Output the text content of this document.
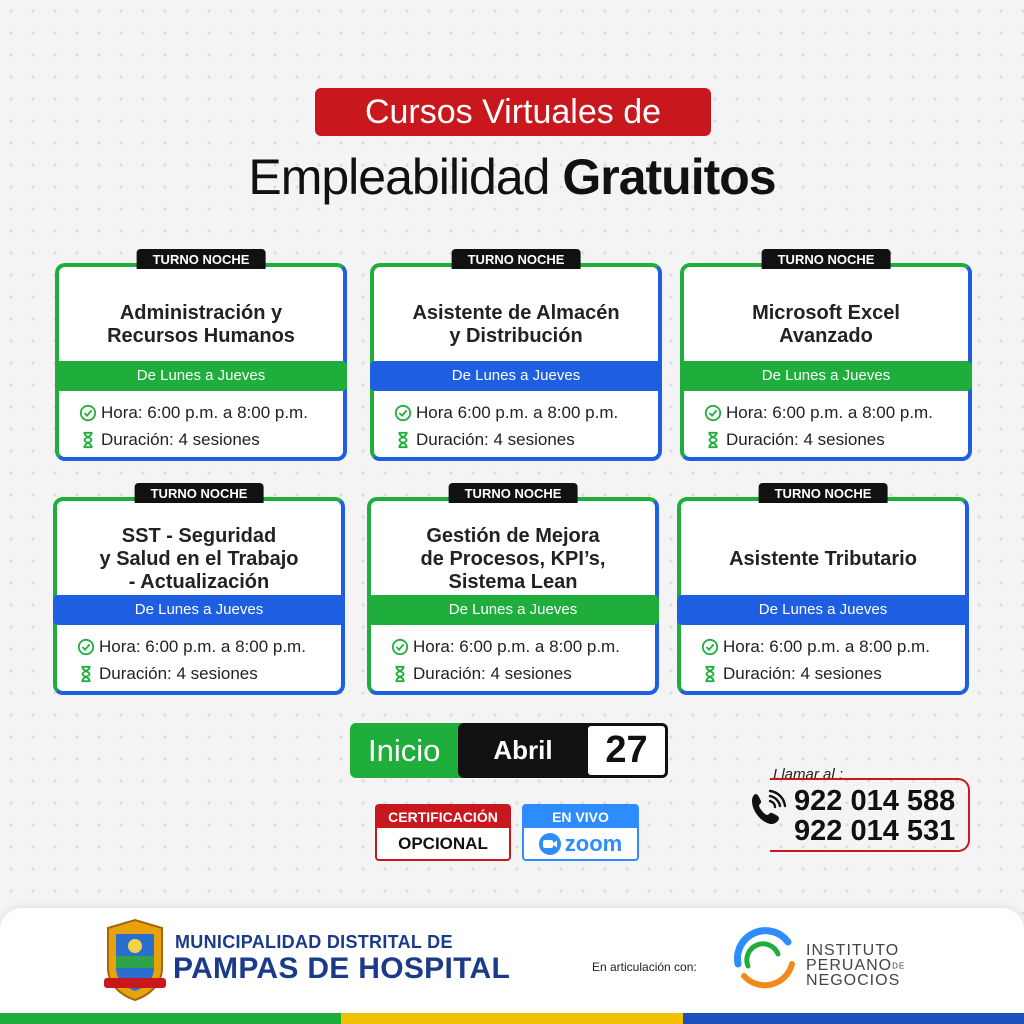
Cursos Virtuales de
Empleabilidad Gratuitos
TURNO NOCHE
Administración y
Recursos Humanos
De Lunes a Jueves
Hora: 6:00 p.m. a 8:00 p.m.
Duración: 4 sesiones
TURNO NOCHE
Asistente de Almacén
y Distribución
De Lunes a Jueves
Hora 6:00 p.m. a 8:00 p.m.
Duración: 4 sesiones
TURNO NOCHE
Microsoft Excel
Avanzado
De Lunes a Jueves
Hora: 6:00 p.m. a 8:00 p.m.
Duración: 4 sesiones
TURNO NOCHE
SST - Seguridad
y Salud en el Trabajo
- Actualización
De Lunes a Jueves
Hora: 6:00 p.m. a 8:00 p.m.
Duración: 4 sesiones
TURNO NOCHE
Gestión de Mejora
de Procesos, KPI’s,
Sistema Lean
De Lunes a Jueves
Hora: 6:00 p.m. a 8:00 p.m.
Duración: 4 sesiones
TURNO NOCHE
Asistente Tributario
De Lunes a Jueves
Hora: 6:00 p.m. a 8:00 p.m.
Duración: 4 sesiones
Inicio	Abril	27
CERTIFICACIÓN
OPCIONAL
EN VIVO
zoom
Llamar al :
922 014 588
922 014 531
MUNICIPALIDAD DISTRITAL DE
PAMPAS DE HOSPITAL	En articulación con:
INSTITUTO
PERUANODE
NEGOCIOS
